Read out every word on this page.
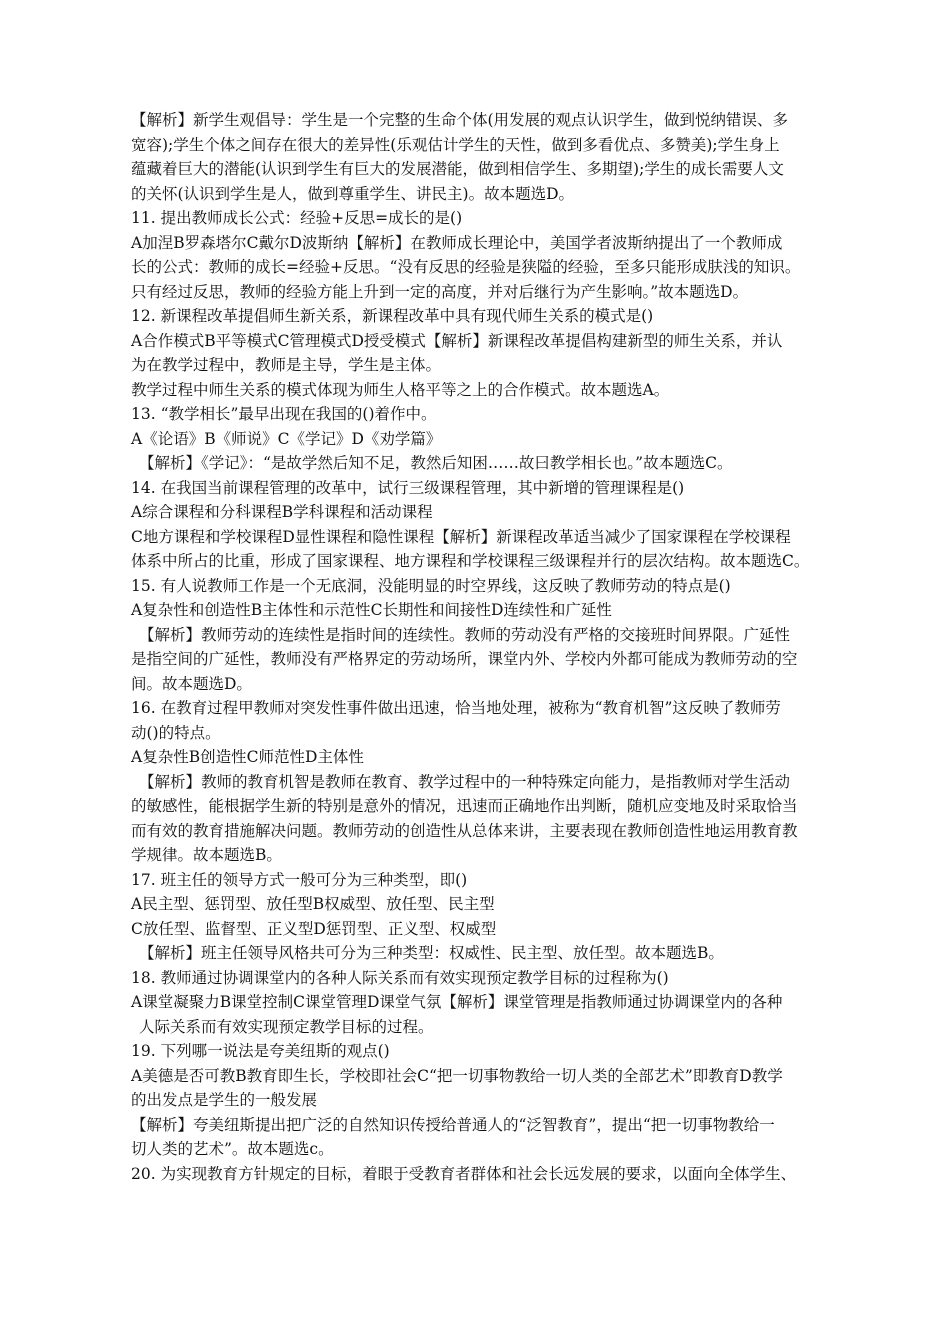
【解析】新学生观倡导：学生是一个完整的生命个体(用发展的观点认识学生，做到悦纳错误、多
宽容);学生个体之间存在很大的差异性(乐观估计学生的天性，做到多看优点、多赞美);学生身上
蕴藏着巨大的潜能(认识到学生有巨大的发展潜能，做到相信学生、多期望);学生的成长需要人文
的关怀(认识到学生是人，做到尊重学生、讲民主)。故本题选D。
11. 提出教师成长公式：经验+反思=成长的是()
A加涅B罗森塔尔C戴尔D波斯纳【解析】在教师成长理论中，美国学者波斯纳提出了一个教师成
长的公式：教师的成长=经验+反思。“没有反思的经验是狭隘的经验，至多只能形成肤浅的知识。
只有经过反思，教师的经验方能上升到一定的高度，并对后继行为产生影响。”故本题选D。
12. 新课程改革提倡师生新关系，新课程改革中具有现代师生关系的模式是()
A合作模式B平等模式C管理模式D授受模式【解析】新课程改革提倡构建新型的师生关系，并认
为在教学过程中，教师是主导，学生是主体。
教学过程中师生关系的模式体现为师生人格平等之上的合作模式。故本题选A。
13. “教学相长”最早出现在我国的()着作中。
A《论语》B《师说》C《学记》D《劝学篇》
【解析】《学记》：“是故学然后知不足，教然后知困……故曰教学相长也。”故本题选C。
14. 在我国当前课程管理的改革中，试行三级课程管理，其中新增的管理课程是()
A综合课程和分科课程B学科课程和活动课程
C地方课程和学校课程D显性课程和隐性课程【解析】新课程改革适当减少了国家课程在学校课程
体系中所占的比重，形成了国家课程、地方课程和学校课程三级课程并行的层次结构。故本题选C。
15. 有人说教师工作是一个无底洞，没能明显的时空界线，这反映了教师劳动的特点是()
A复杂性和创造性B主体性和示范性C长期性和间接性D连续性和广延性
【解析】教师劳动的连续性是指时间的连续性。教师的劳动没有严格的交接班时间界限。广延性
是指空间的广延性，教师没有严格界定的劳动场所，课堂内外、学校内外都可能成为教师劳动的空
间。故本题选D。
16. 在教育过程甲教师对突发性事件做出迅速，恰当地处理，被称为“教育机智”这反映了教师劳
动()的特点。
A复杂性B创造性C师范性D主体性
【解析】教师的教育机智是教师在教育、教学过程中的一种特殊定向能力，是指教师对学生活动
的敏感性，能根据学生新的特别是意外的情况，迅速而正确地作出判断，随机应变地及时采取恰当
而有效的教育措施解决问题。教师劳动的创造性从总体来讲，主要表现在教师创造性地运用教育教
学规律。故本题选B。
17. 班主任的领导方式一般可分为三种类型，即()
A民主型、惩罚型、放任型B权威型、放任型、民主型
C放任型、监督型、正义型D惩罚型、正义型、权威型
【解析】班主任领导风格共可分为三种类型：权威性、民主型、放任型。故本题选B。
18. 教师通过协调课堂内的各种人际关系而有效实现预定教学目标的过程称为()
A课堂凝聚力B课堂控制C课堂管理D课堂气氛【解析】课堂管理是指教师通过协调课堂内的各种
人际关系而有效实现预定教学目标的过程。
19. 下列哪一说法是夸美纽斯的观点()
A美德是否可教B教育即生长，学校即社会C“把一切事物教给一切人类的全部艺术”即教育D教学
的出发点是学生的一般发展
【解析】夸美纽斯提出把广泛的自然知识传授给普通人的“泛智教育”，提出“把一切事物教给一
切人类的艺术”。故本题选c。
20. 为实现教育方针规定的目标，着眼于受教育者群体和社会长远发展的要求，以面向全体学生、
